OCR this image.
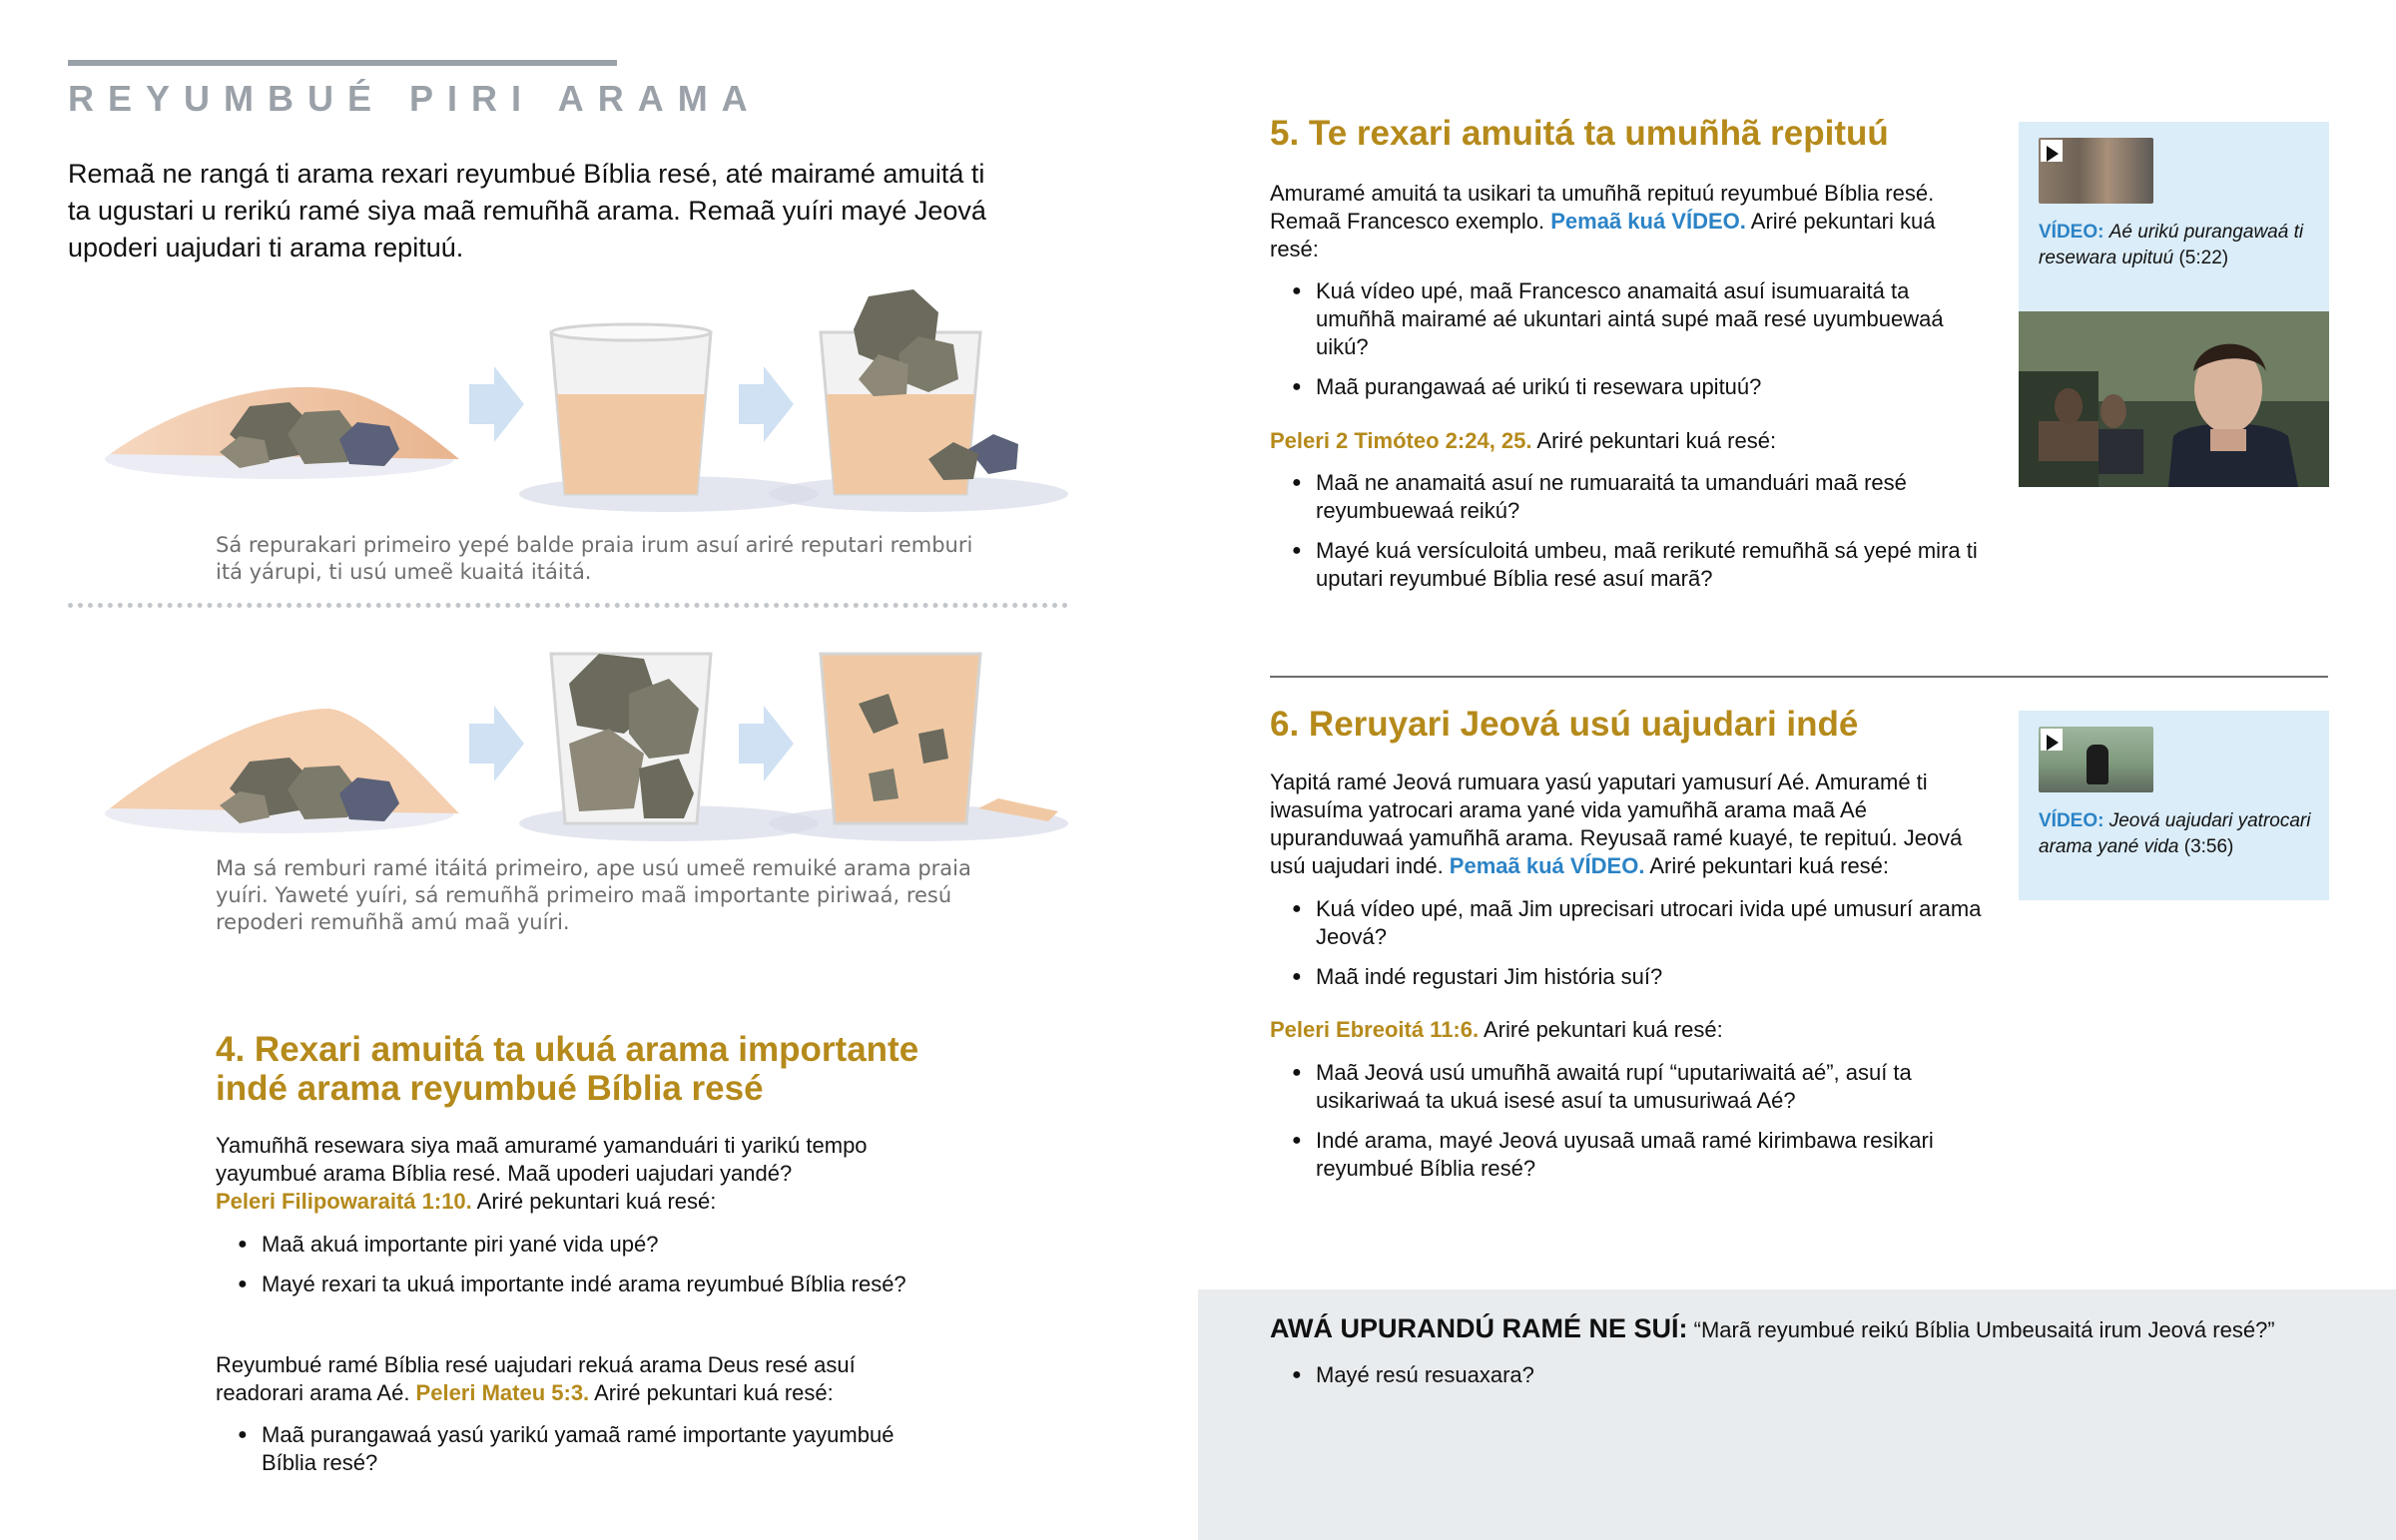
REYUMBUÉ PIRI ARAMA
Remaã ne rangá ti arama rexari reyumbué Bíblia resé, até mairamé amuitá ti ta ugustari u rerikú ramé siya maã remuñhã arama. Remaã yuíri mayé Jeová upoderi uajudari ti arama repituú.
Sá repurakari primeiro yepé balde praia irum asuí ariré reputari remburi itá yárupi, ti usú umeẽ kuaitá itáitá.
Ma sá remburi ramé itáitá primeiro, ape usú umeẽ remuiké arama praia yuíri. Yaweté yuíri, sá remuñhã primeiro maã importante piriwaá, resú repoderi remuñhã amú maã yuíri.
4. Rexari amuitá ta ukuá arama importante indé arama reyumbué Bíblia resé
Yamuñhã resewara siya maã amuramé yamanduári ti yarikú tempo yayumbué arama Bíblia resé. Maã upoderi uajudari yandé?
Peleri Filipowaraitá 1:10. Ariré pekuntari kuá resé:
● Maã akuá importante piri yané vida upé?
● Mayé rexari ta ukuá importante indé arama reyumbué Bíblia resé?
Reyumbué ramé Bíblia resé uajudari rekuá arama Deus resé asuí readorari arama Aé. Peleri Mateu 5:3. Ariré pekuntari kuá resé:
● Maã purangawaá yasú yarikú yamaã ramé importante yayumbué Bíblia resé?
5. Te rexari amuitá ta umuñhã repituú
Amuramé amuitá ta usikari ta umuñhã repituú reyumbué Bíblia resé. Remaã Francesco exemplo. Pemaã kuá VÍDEO. Ariré pekuntari kuá resé:
● Kuá vídeo upé, maã Francesco anamaitá asuí isumuaraitá ta umuñhã mairamé aé ukuntari aintá supé maã resé uyumbuewaá uikú?
● Maã purangawaá aé urikú ti resewara upituú?
Peleri 2 Timóteo 2:24, 25. Ariré pekuntari kuá resé:
● Maã ne anamaitá asuí ne rumuaraitá ta umanduári maã resé reyumbuewaá reikú?
● Mayé kuá versículoitá umbeu, maã rerikuté remuñhã sá yepé mira ti uputari reyumbué Bíblia resé asuí marã?
VÍDEO: Aé urikú purangawaá ti resewara upituú (5:22)
6. Reruyari Jeová usú uajudari indé
Yapitá ramé Jeová rumuara yasú yaputari yamusurí Aé. Amuramé ti iwasuíma yatrocari arama yané vida yamuñhã arama maã Aé upuranduwaá yamuñhã arama. Reyusaã ramé kuayé, te repituú. Jeová usú uajudari indé. Pemaã kuá VÍDEO. Ariré pekuntari kuá resé:
● Kuá vídeo upé, maã Jim uprecisari utrocari ivida upé umusurí arama Jeová?
● Maã indé regustari Jim história suí?
Peleri Ebreoitá 11:6. Ariré pekuntari kuá resé:
● Maã Jeová usú umuñhã awaitá rupí “uputariwaitá aé”, asuí ta usikariwaá ta ukuá isesé asuí ta umusuriwaá Aé?
● Indé arama, mayé Jeová uyusaã umaã ramé kirimbawa resikari reyumbué Bíblia resé?
VÍDEO: Jeová uajudari yatrocari arama yané vida (3:56)
AWÁ UPURANDÚ RAMÉ NE SUÍ: “Marã reyumbué reikú Bíblia Umbeusaitá irum Jeová resé?”
● Mayé resú resuaxara?
